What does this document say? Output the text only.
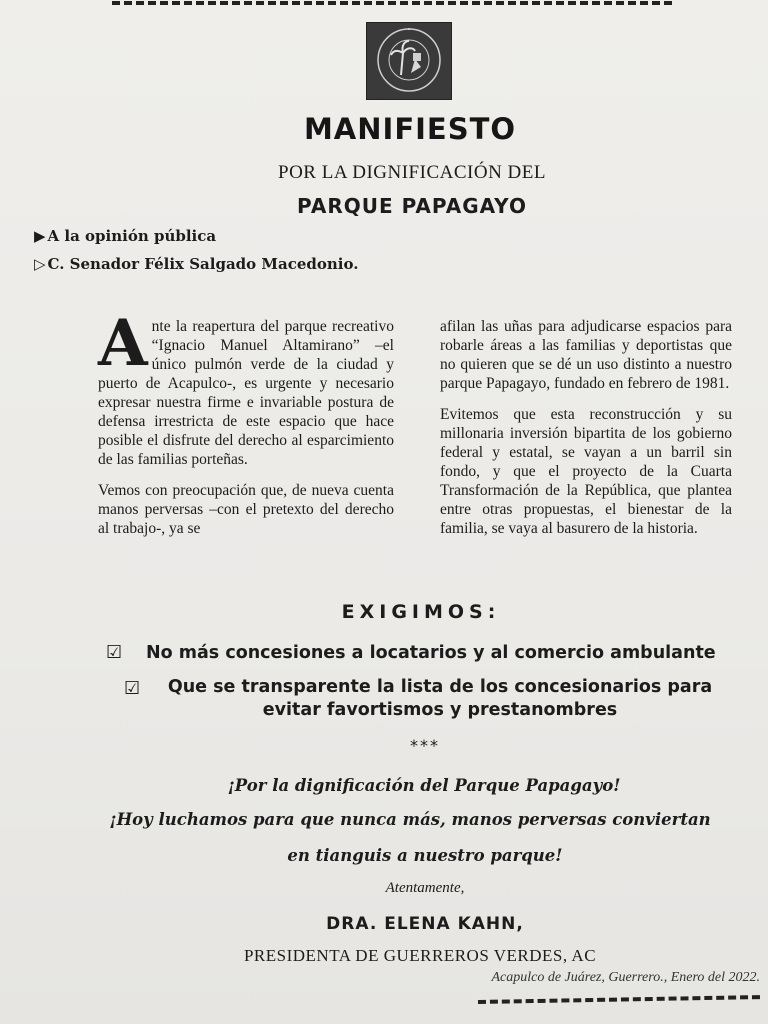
MANIFIESTO
POR LA DIGNIFICACIÓN DEL
PARQUE PAPAGAYO
▶ A la opinión pública
▷ C. Senador Félix Salgado Macedonio.

Ante la reapertura del parque recreativo “Ignacio Manuel Altamirano” –el único pulmón verde de la ciudad y puerto de Acapulco-, es urgente y necesario expresar nuestra firme e invariable postura de defensa irrestricta de este espacio que hace posible el disfrute del derecho al esparcimiento de las familias porteñas.

Vemos con preocupación que, de nueva cuenta manos perversas –con el pretexto del derecho al trabajo-, ya se

afilan las uñas para adjudicarse espacios para robarle áreas a las familias y deportistas que no quieren que se dé un uso distinto a nuestro parque Papagayo, fundado en febrero de 1981.

Evitemos que esta reconstrucción y su millonaria inversión bipartita de los gobierno federal y estatal, se vayan a un barril sin fondo, y que el proyecto de la Cuarta Transformación de la República, que plantea entre otras propuestas, el bienestar de la familia, se vaya al basurero de la historia.

EXIGIMOS:
☑ No más concesiones a locatarios y al comercio ambulante
☑	Que se transparente la lista de los concesionarios para evitar favortismos y prestanombres
***
¡Por la dignificación del Parque Papagayo!
¡Hoy luchamos para que nunca más, manos perversas conviertan
en tianguis a nuestro parque!
Atentamente,
DRA. ELENA KAHN,
PRESIDENTA DE GUERREROS VERDES, AC
Acapulco de Juárez, Guerrero., Enero del 2022.
